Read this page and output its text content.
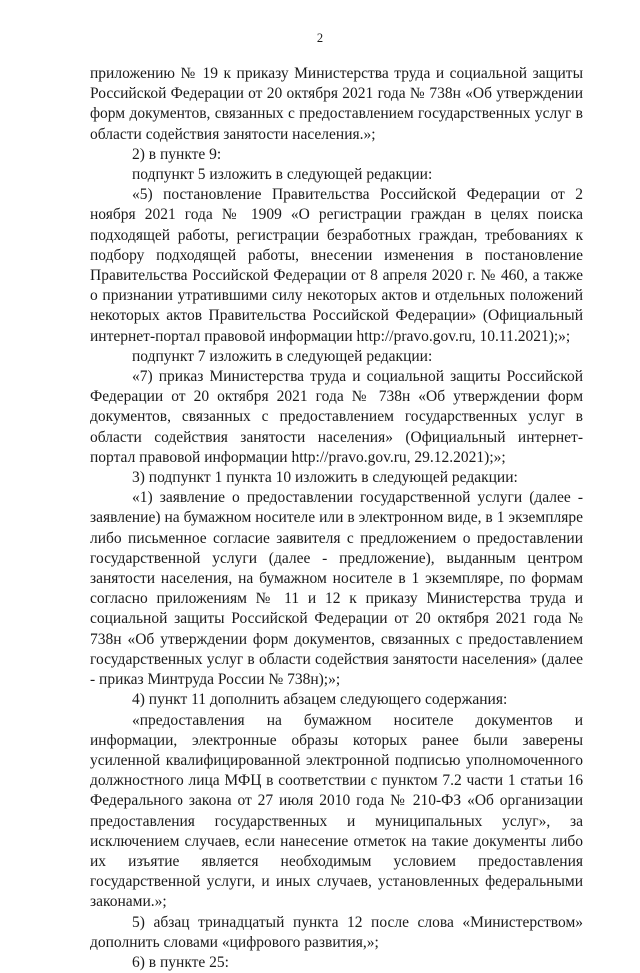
2

приложению № 19 к приказу Министерства труда и социальной защиты Российской Федерации от 20 октября 2021 года № 738н «Об утверждении форм документов, связанных с предоставлением государственных услуг в области содействия занятости населения.»;

2) в пункте 9:

подпункт 5 изложить в следующей редакции:

«5) постановление Правительства Российской Федерации от 2 ноября 2021 года № 1909 «О регистрации граждан в целях поиска подходящей работы, регистрации безработных граждан, требованиях к подбору подходящей работы, внесении изменения в постановление Правительства Российской Федерации от 8 апреля 2020 г. № 460, а также о признании утратившими силу некоторых актов и отдельных положений некоторых актов Правительства Российской Федерации» (Официальный интернет-портал правовой информации http://pravo.gov.ru, 10.11.2021);»;

подпункт 7 изложить в следующей редакции:

«7) приказ Министерства труда и социальной защиты Российской Федерации от 20 октября 2021 года № 738н «Об утверждении форм документов, связанных с предоставлением государственных услуг в области содействия занятости населения» (Официальный интернет-портал правовой информации http://pravo.gov.ru, 29.12.2021);»;

3) подпункт 1 пункта 10 изложить в следующей редакции:

«1) заявление о предоставлении государственной услуги (далее - заявление) на бумажном носителе или в электронном виде, в 1 экземпляре либо письменное согласие заявителя с предложением о предоставлении государственной услуги (далее - предложение), выданным центром занятости населения, на бумажном носителе в 1 экземпляре, по формам согласно приложениям № 11 и 12 к приказу Министерства труда и социальной защиты Российской Федерации от 20 октября 2021 года № 738н «Об утверждении форм документов, связанных с предоставлением государственных услуг в области содействия занятости населения» (далее - приказ Минтруда России № 738н);»;

4) пункт 11 дополнить абзацем следующего содержания:

«предоставления на бумажном носителе документов и информации, электронные образы которых ранее были заверены усиленной квалифицированной электронной подписью уполномоченного должностного лица МФЦ в соответствии с пунктом 7.2 части 1 статьи 16 Федерального закона от 27 июля 2010 года № 210-ФЗ «Об организации предоставления государственных и муниципальных услуг», за исключением случаев, если нанесение отметок на такие документы либо их изъятие является необходимым условием предоставления государственной услуги, и иных случаев, установленных федеральными законами.»;

5) абзац тринадцатый пункта 12 после слова «Министерством» дополнить словами «цифрового развития,»;

6) в пункте 25:
